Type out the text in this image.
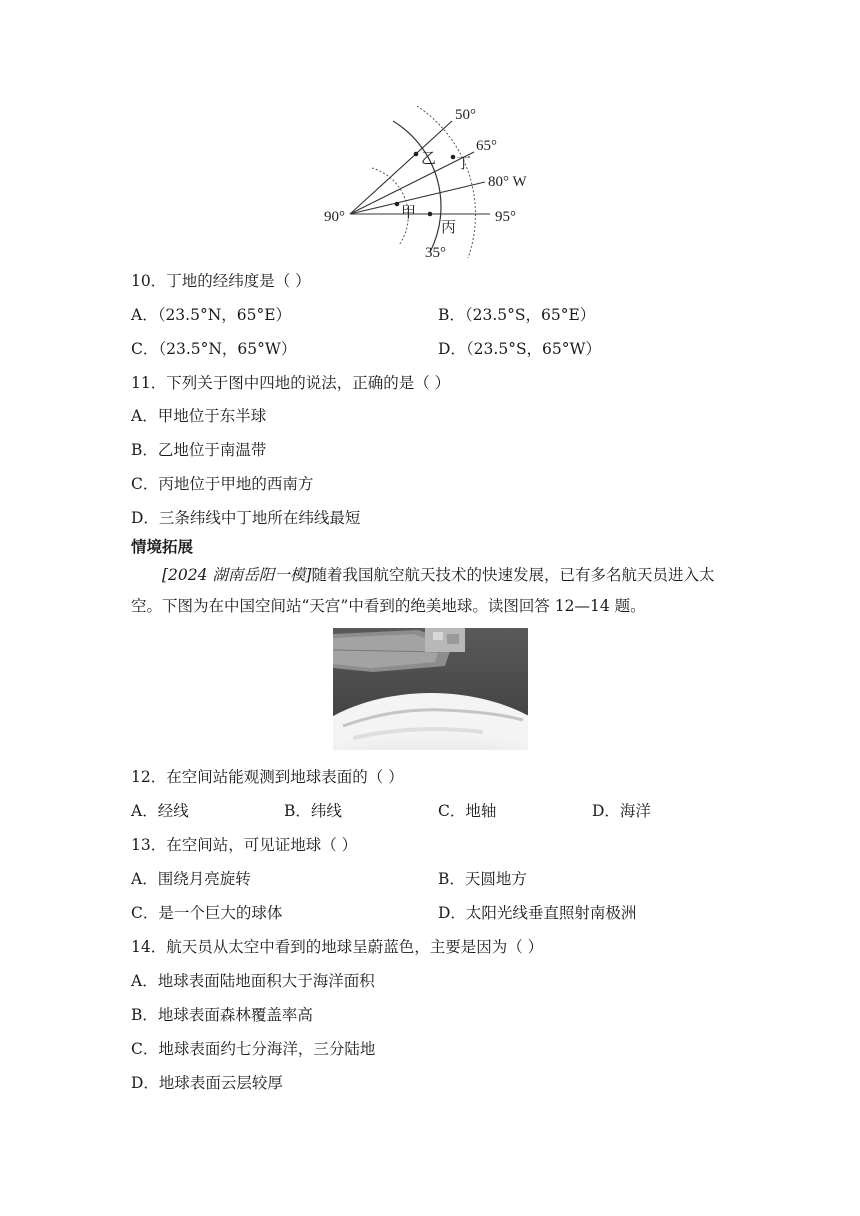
50°
65°
80° W
95°
90°
35°
甲
乙
丙
丁
10．丁地的经纬度是（ ）
A．（23.5°N，65°E）	B．（23.5°S，65°E）
C．（23.5°N，65°W）	D．（23.5°S，65°W）
11．下列关于图中四地的说法，正确的是（ ）
A．甲地位于东半球
B．乙地位于南温带
C．丙地位于甲地的西南方
D．三条纬线中丁地所在纬线最短
情境拓展
[2024 湖南岳阳一模]随着我国航空航天技术的快速发展，已有多名航天员进入太空。下图为在中国空间站“天宫”中看到的绝美地球。读图回答 12—14 题。
12．在空间站能观测到地球表面的（ ）
A．经线	B．纬线	C．地轴	D．海洋
13．在空间站，可见证地球（ ）
A．围绕月亮旋转	B．天圆地方
C．是一个巨大的球体	D．太阳光线垂直照射南极洲
14．航天员从太空中看到的地球呈蔚蓝色，主要是因为（ ）
A．地球表面陆地面积大于海洋面积
B．地球表面森林覆盖率高
C．地球表面约七分海洋，三分陆地
D．地球表面云层较厚
